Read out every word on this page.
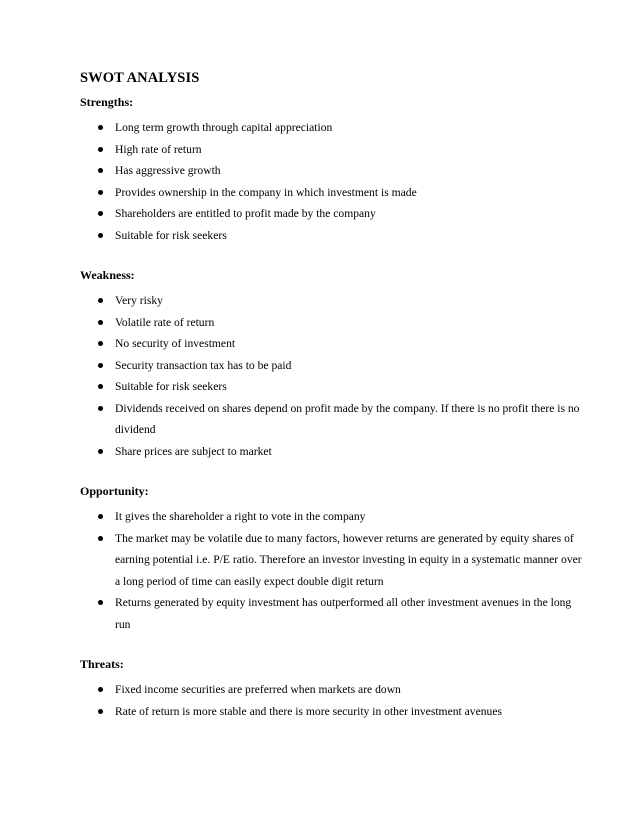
SWOT ANALYSIS
Strengths:
Long term growth through capital appreciation
High rate of return
Has aggressive growth
Provides ownership in the company in which investment is made
Shareholders are entitled to profit made by the company
Suitable for risk seekers
Weakness:
Very risky
Volatile rate of return
No security of investment
Security transaction tax has to be paid
Suitable for risk seekers
Dividends received on shares depend on profit made by the company. If there is no profit there is no dividend
Share prices are subject to market
Opportunity:
It gives the shareholder a right to vote in the company
The market may be volatile due to many factors, however returns are generated by equity shares of earning potential i.e. P/E ratio. Therefore an investor investing in equity in a systematic manner over a long period of time can easily expect double digit return
Returns generated by equity investment has outperformed all other investment avenues in the long run
Threats:
Fixed income securities are preferred when markets are down
Rate of return is more stable and there is more security in other investment avenues
